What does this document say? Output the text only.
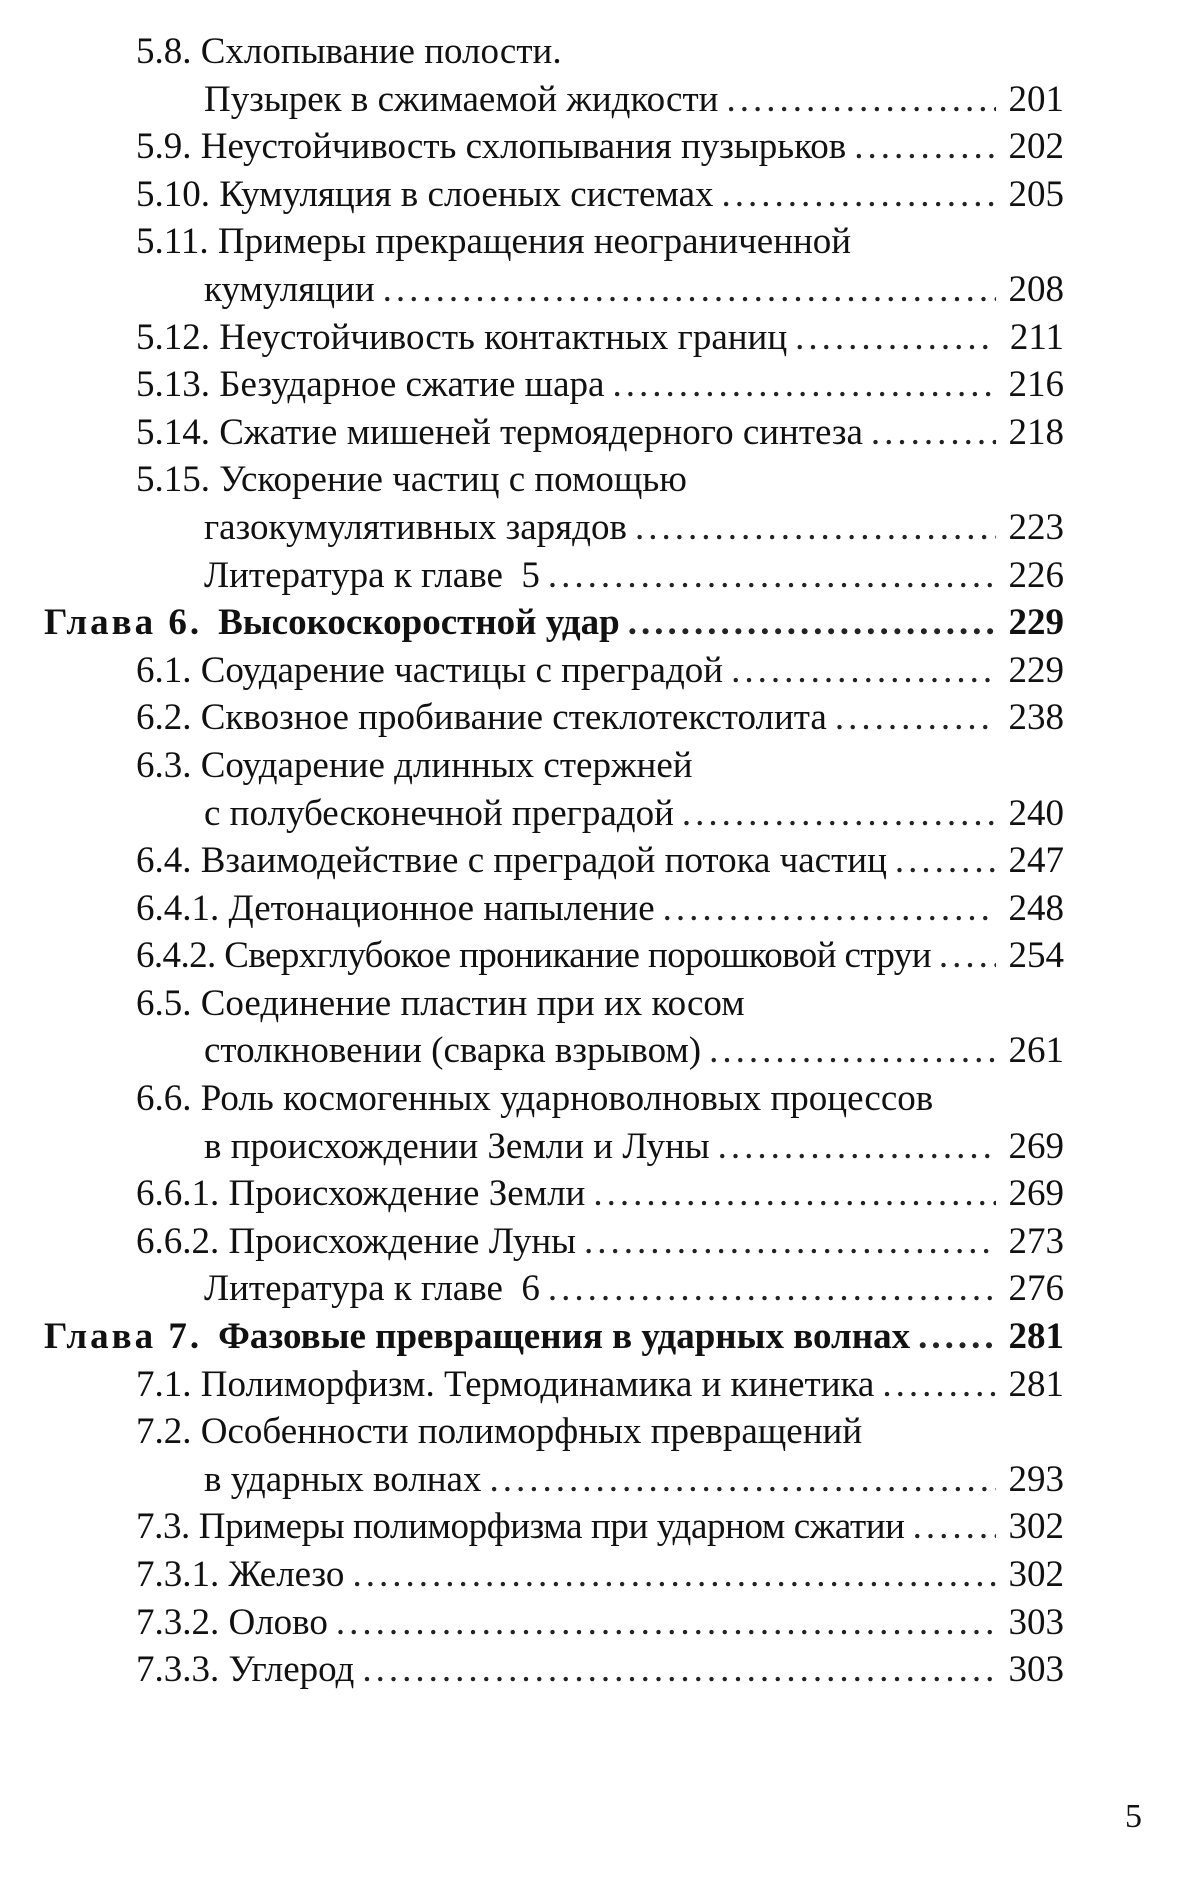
5.8. Схлопывание полости.
Пузырек в сжимаемой жидкости .....	201
5.9. Неустойчивость схлопывания пузырьков .....	202
5.10. Кумуляция в слоеных системах .....	205
5.11. Примеры прекращения неограниченной
кумуляции .....	208
5.12. Неустойчивость контактных границ .....	211
5.13. Безударное сжатие шара .....	216
5.14. Сжатие мишеней термоядерного синтеза .....	218
5.15. Ускорение частиц с помощью
газокумулятивных зарядов .....	223
Литература к главе  5 .....	226
Глава 6. Высокоскоростной удар .....	229
6.1. Соударение частицы с преградой .....	229
6.2. Сквозное пробивание стеклотекстолита .....	238
6.3. Соударение длинных стержней
с полубесконечной преградой .....	240
6.4. Взаимодействие с преградой потока частиц .....	247
6.4.1. Детонационное напыление .....	248
6.4.2. Сверхглубокое проникание порошковой струи ..... 254
6.5. Соединение пластин при их косом
столкновении (сварка взрывом) .....	261
6.6. Роль космогенных ударноволновых процессов
в происхождении Земли и Луны .....	269
6.6.1. Происхождение Земли .....	269
6.6.2. Происхождение Луны .....	273
Литература к главе  6 .....	276
Глава 7. Фазовые превращения в ударных волнах .....	281
7.1. Полиморфизм. Термодинамика и кинетика .....	281
7.2. Особенности полиморфных превращений
в ударных волнах .....	293
7.3. Примеры полиморфизма при ударном сжатии .....	302
7.3.1. Железо .....	302
7.3.2. Олово .....	303
7.3.3. Углерод .....	303
5
